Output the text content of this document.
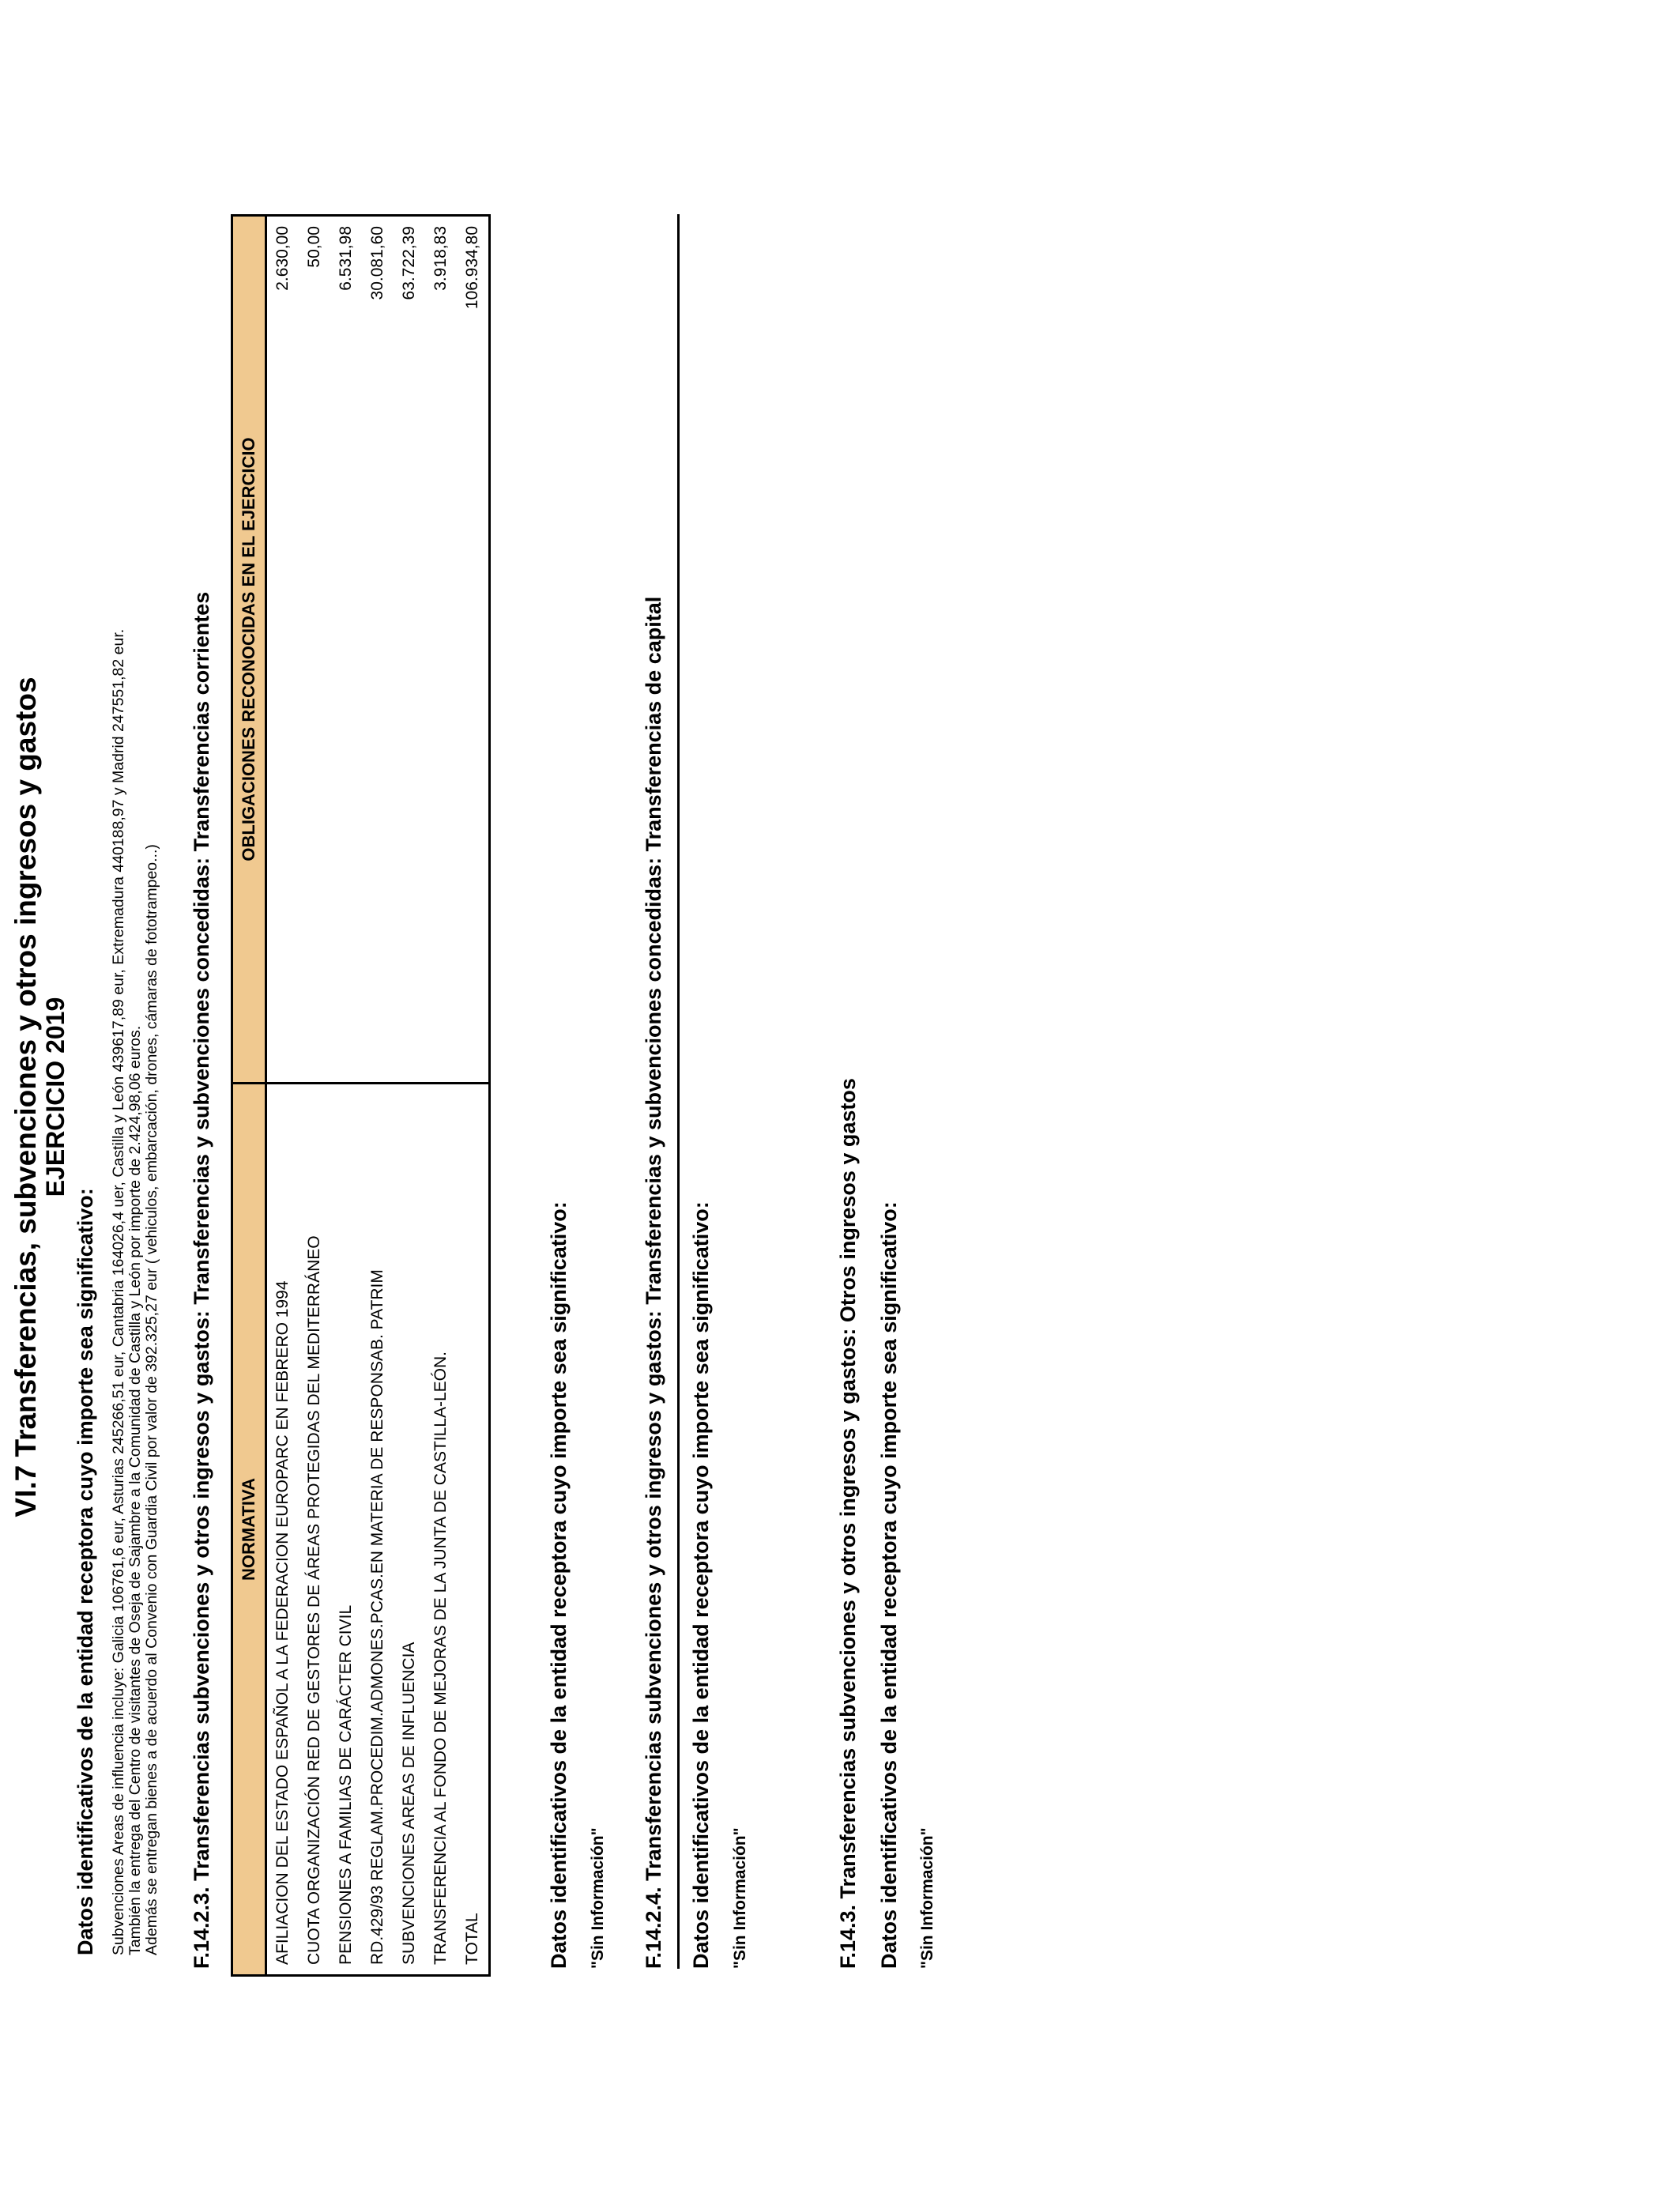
VI.7 Transferencias, subvenciones y otros ingresos y gastos EJERCICIO 2019
Datos identificativos de la entidad receptora cuyo importe sea significativo: Subvenciones Areas de influencia incluye: Galicia 106761,6 eur, Asturias 245266,51 eur, Cantabria 164026,4 uer, Castilla y León 439617,89 eur, Extremadura 440188,97 y Madrid 247551,82 eur. También la entrega del Centro de visitantes de Oseja de Sajambre a la Comunidad de Castilla y León por importe de 2.424,98,06 euros. Además se entregan bienes a de acuerdo al Convenio con Guardia Civil por valor de 392.325,27 eur ( vehiculos, embarcación, drones, cámaras de fototrampeo...) F.14.2.3. Transferencias subvenciones y otros ingresos y gastos: Transferencias y subvenciones concedidas: Transferencias corrientes NORMATIVA	OBLIGACIONES RECONOCIDAS EN EL EJERCICIO
AFILIACION DEL ESTADO ESPAÑOL A LA FEDERACION EUROPARC EN FEBRERO 1994	2.630,00
CUOTA ORGANIZACIÓN RED DE GESTORES DE ÁREAS PROTEGIDAS DEL MEDITERRÁNEO	50,00
PENSIONES A FAMILIAS DE CARÁCTER CIVIL	6.531,98
RD.429/93 REGLAM.PROCEDIM.ADMONES.PCAS.EN MATERIA DE RESPONSAB. PATRIM	30.081,60
SUBVENCIONES AREAS DE INFLUENCIA	63.722,39
TRANSFERENCIA AL FONDO DE MEJORAS DE LA JUNTA DE CASTILLA-LEÓN.	3.918,83
TOTAL	106.934,80
Datos identificativos de la entidad receptora cuyo importe sea significativo: "Sin Información" F.14.2.4. Transferencias subvenciones y otros ingresos y gastos: Transferencias y subvenciones concedidas: Transferencias de capital Datos identificativos de la entidad receptora cuyo importe sea significativo: "Sin Información"	F.14.3. Transferencias subvenciones y otros ingresos y gastos: Otros ingresos y gastos Datos identificativos de la entidad receptora cuyo importe sea significativo: "Sin Información"
